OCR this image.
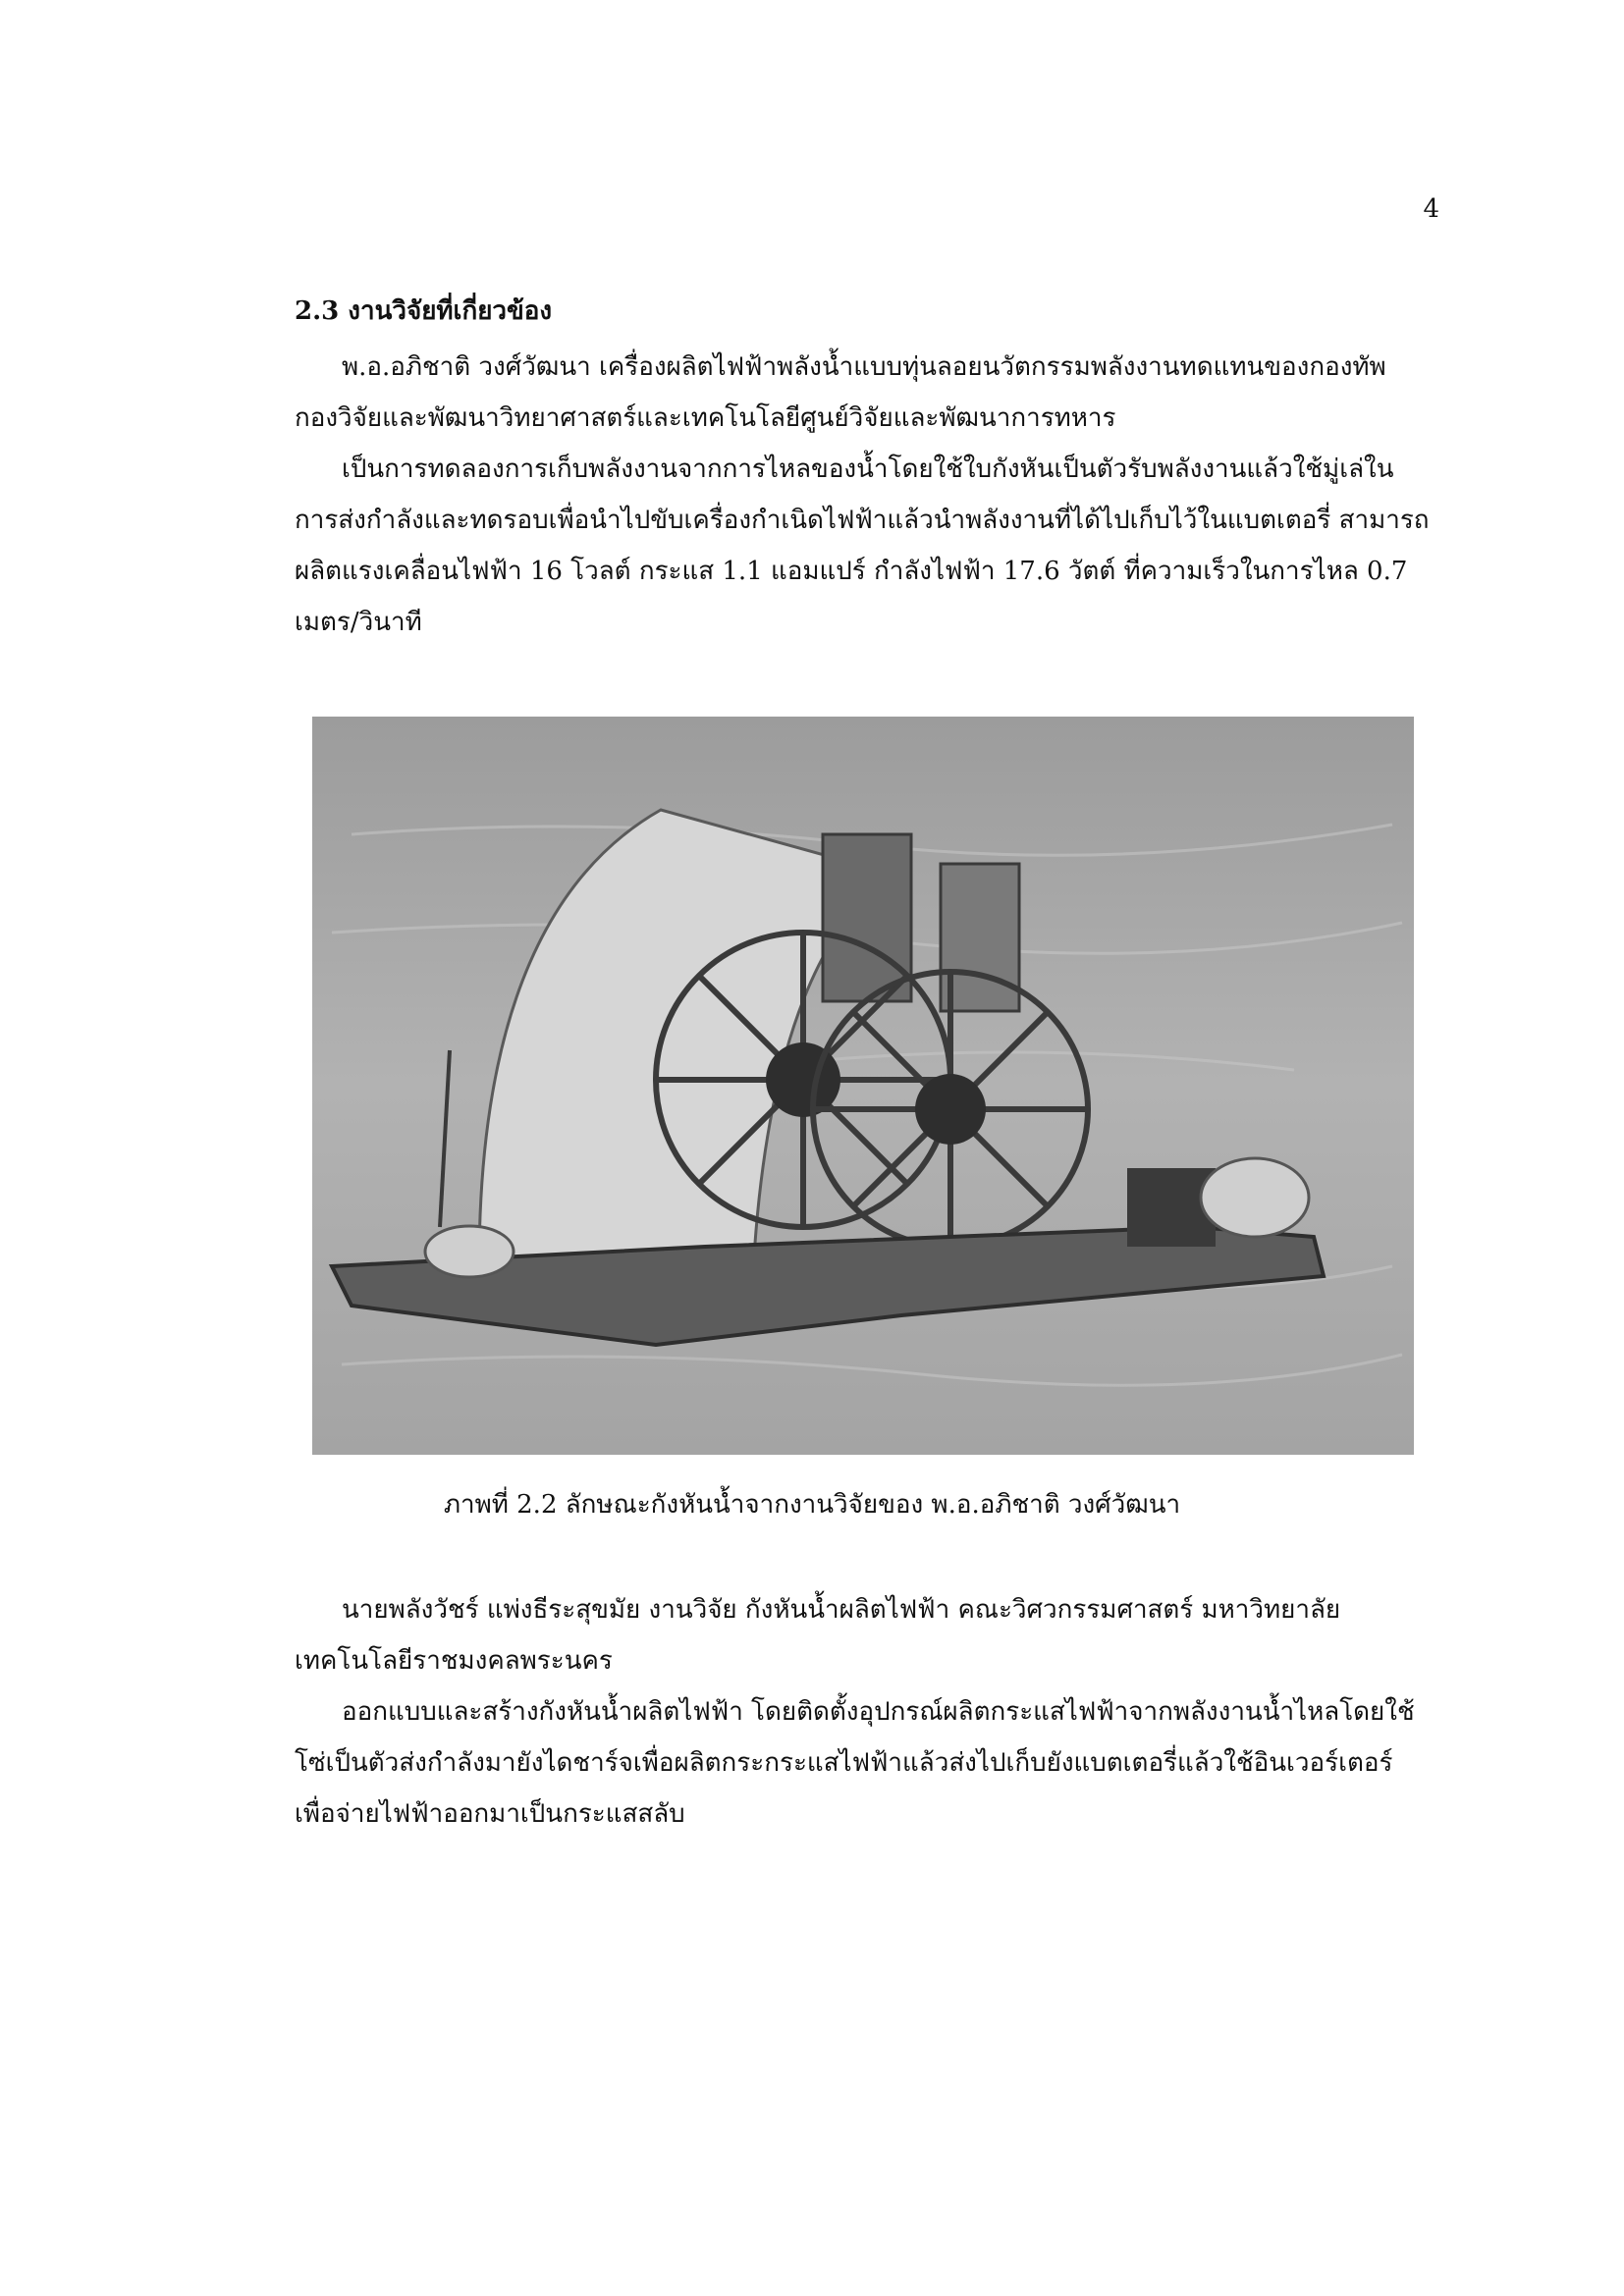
4
2.3 งานวิจัยที่เกี่ยวข้อง

พ.อ.อภิชาติ วงศ์วัฒนา เครื่องผลิตไฟฟ้าพลังน้ำแบบทุ่นลอยนวัตกรรมพลังงานทดแทนของกองทัพ กองวิจัยและพัฒนาวิทยาศาสตร์และเทคโนโลยีศูนย์วิจัยและพัฒนาการทหาร

เป็นการทดลองการเก็บพลังงานจากการไหลของน้ำโดยใช้ใบกังหันเป็นตัวรับพลังงานแล้วใช้มู่เล่ในการส่งกำลังและทดรอบเพื่อนำไปขับเครื่องกำเนิดไฟฟ้าแล้วนำพลังงานที่ได้ไปเก็บไว้ในแบตเตอรี่ สามารถผลิตแรงเคลื่อนไฟฟ้า 16 โวลต์ กระแส 1.1 แอมแปร์ กำลังไฟฟ้า 17.6 วัตต์ ที่ความเร็วในการไหล 0.7 เมตร/วินาที

ภาพที่ 2.2 ลักษณะกังหันน้ำจากงานวิจัยของ พ.อ.อภิชาติ วงศ์วัฒนา

นายพลังวัชร์ แพ่งธีระสุขมัย งานวิจัย กังหันน้ำผลิตไฟฟ้า คณะวิศวกรรมศาสตร์ มหาวิทยาลัยเทคโนโลยีราชมงคลพระนคร

ออกแบบและสร้างกังหันน้ำผลิตไฟฟ้า โดยติดตั้งอุปกรณ์ผลิตกระแสไฟฟ้าจากพลังงานน้ำไหลโดยใช้โซ่เป็นตัวส่งกำลังมายังไดชาร์จเพื่อผลิตกระกระแสไฟฟ้าแล้วส่งไปเก็บยังแบตเตอรี่แล้วใช้อินเวอร์เตอร์ เพื่อจ่ายไฟฟ้าออกมาเป็นกระแสสลับ
